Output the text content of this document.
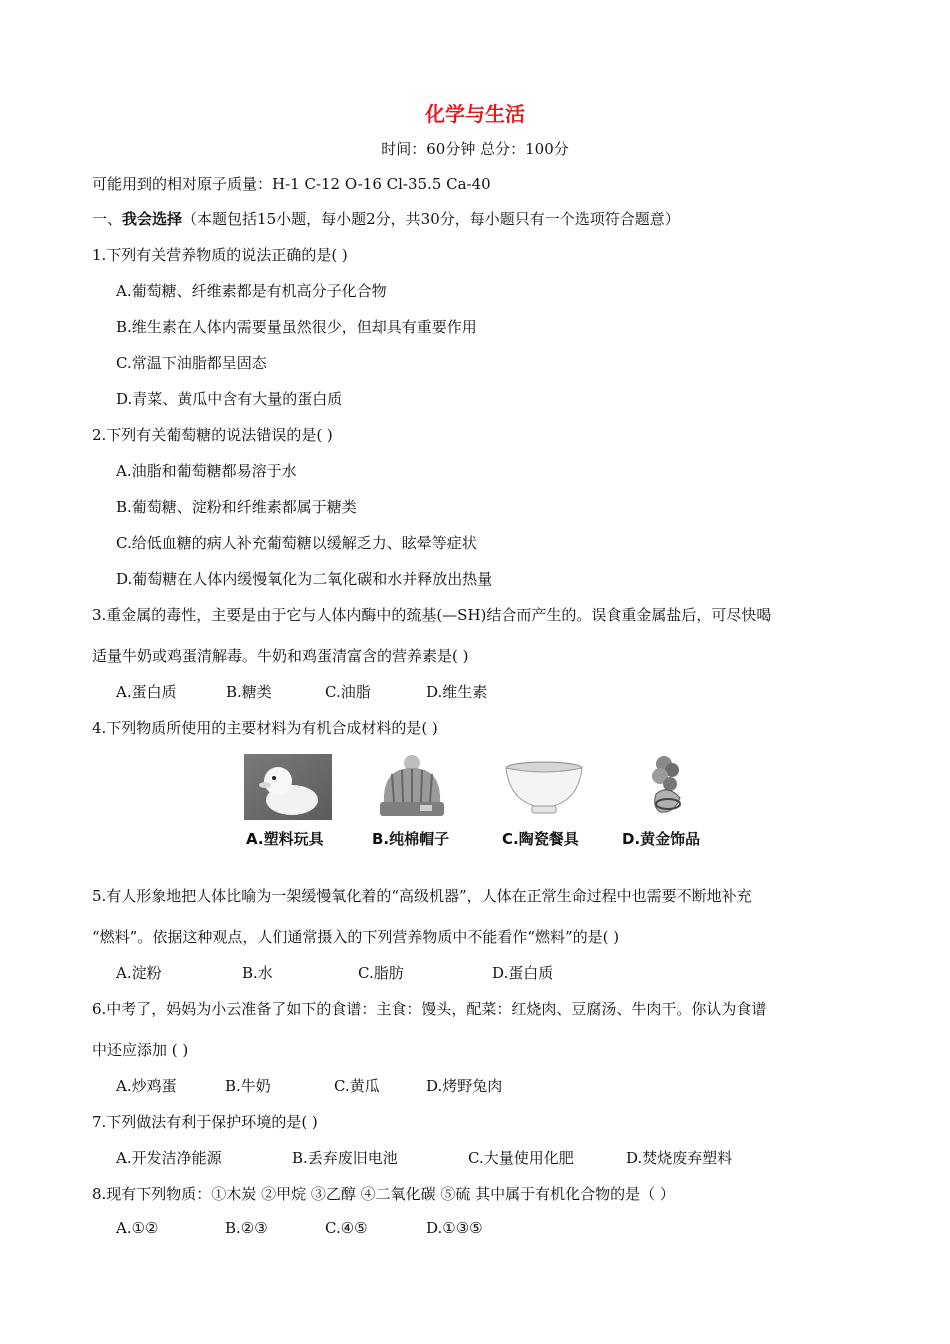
化学与生活
时间：60分钟 总分：100分
可能用到的相对原子质量：H-1 C-12 O-16 Cl-35.5 Ca-40
一、我会选择（本题包括15小题，每小题2分，共30分，每小题只有一个选项符合题意）
1.下列有关营养物质的说法正确的是( )
A.葡萄糖、纤维素都是有机高分子化合物
B.维生素在人体内需要量虽然很少，但却具有重要作用
C.常温下油脂都呈固态
D.青菜、黄瓜中含有大量的蛋白质
2.下列有关葡萄糖的说法错误的是( )
A.油脂和葡萄糖都易溶于水
B.葡萄糖、淀粉和纤维素都属于糖类
C.给低血糖的病人补充葡萄糖以缓解乏力、眩晕等症状
D.葡萄糖在人体内缓慢氧化为二氧化碳和水并释放出热量
3.重金属的毒性，主要是由于它与人体内酶中的巯基(—SH)结合而产生的。误食重金属盐后，可尽快喝
适量牛奶或鸡蛋清解毒。牛奶和鸡蛋清富含的营养素是( )
A.蛋白质	B.糖类	C.油脂	D.维生素
4.下列物质所使用的主要材料为有机合成材料的是( )
A.塑料玩具	B.纯棉帽子	C.陶瓷餐具	D.黄金饰品
5.有人形象地把人体比喻为一架缓慢氧化着的“高级机器”，人体在正常生命过程中也需要不断地补充
“燃料”。依据这种观点，人们通常摄入的下列营养物质中不能看作“燃料”的是( )
A.淀粉	B.水	C.脂肪	D.蛋白质
6.中考了，妈妈为小云准备了如下的食谱：主食：馒头，配菜：红烧肉、豆腐汤、牛肉干。你认为食谱
中还应添加 ( )
A.炒鸡蛋	B.牛奶	C.黄瓜	D.烤野兔肉
7.下列做法有利于保护环境的是( )
A.开发洁净能源	B.丢弃废旧电池	C.大量使用化肥	D.焚烧废弃塑料
8.现有下列物质：①木炭 ②甲烷 ③乙醇 ④二氧化碳 ⑤硫 其中属于有机化合物的是（ ）
A.①②	B.②③	C.④⑤	D.①③⑤
